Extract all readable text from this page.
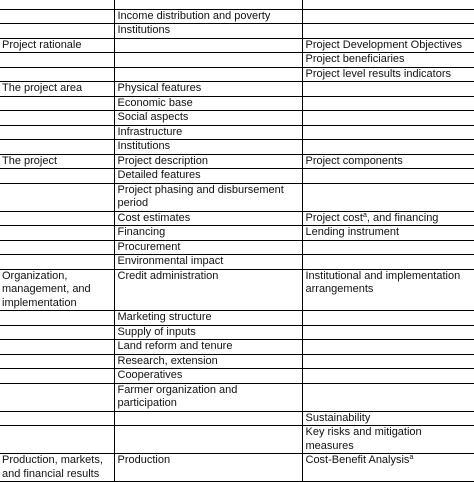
	Income distribution and poverty	
	Institutions	
Project rationale		Project Development Objectives
		Project beneficiaries
		Project level results indicators
The project area	Physical features	
	Economic base	
	Social aspects	
	Infrastructure	
	Institutions	
The project	Project description	Project components
	Detailed features	
	Project phasing and disbursement period	
	Cost estimates	Project cost$^a$, and financing
	Financing	Lending instrument
	Procurement	
	Environmental impact	
Organization, management, and implementation	Credit administration	Institutional and implementation arrangements
	Marketing structure	
	Supply of inputs	
	Land reform and tenure	
	Research, extension	
	Cooperatives	
	Farmer organization and participation	
		Sustainability
		Key risks and mitigation measures
Production, markets, and financial results	Production	Cost-Benefit Analysis$^a$
